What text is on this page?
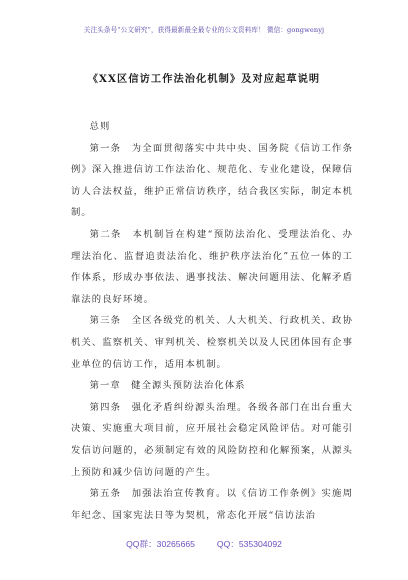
关注头条号“公文研究”，获得最新最全最专业的公文资料库！ 微信：gongwenyj
《XX区信访工作法治化机制》及对应起草说明

总则

第一条　为全面贯彻落实中共中央、国务院《信访工作条例》深入推进信访工作法治化、规范化、专业化建设，保障信访人合法权益，维护正常信访秩序，结合我区实际，制定本机制。

第二条　本机制旨在构建“预防法治化、受理法治化、办理法治化、监督追责法治化、维护秩序法治化”五位一体的工作体系，形成办事依法、遇事找法、解决问题用法、化解矛盾靠法的良好环境。

第三条　全区各级党的机关、人大机关、行政机关、政协机关、监察机关、审判机关、检察机关以及人民团体国有企事业单位的信访工作，适用本机制。

第一章　健全源头预防法治化体系

第四条　强化矛盾纠纷源头治理。各级各部门在出台重大决策、实施重大项目前，应开展社会稳定风险评估。对可能引发信访问题的，必须制定有效的风险防控和化解预案，从源头上预防和减少信访问题的产生。

第五条　加强法治宣传教育。以《信访工作条例》实施周年纪念、国家宪法日等为契机，常态化开展“信访法治

QQ群：30265665	QQ：535304092
